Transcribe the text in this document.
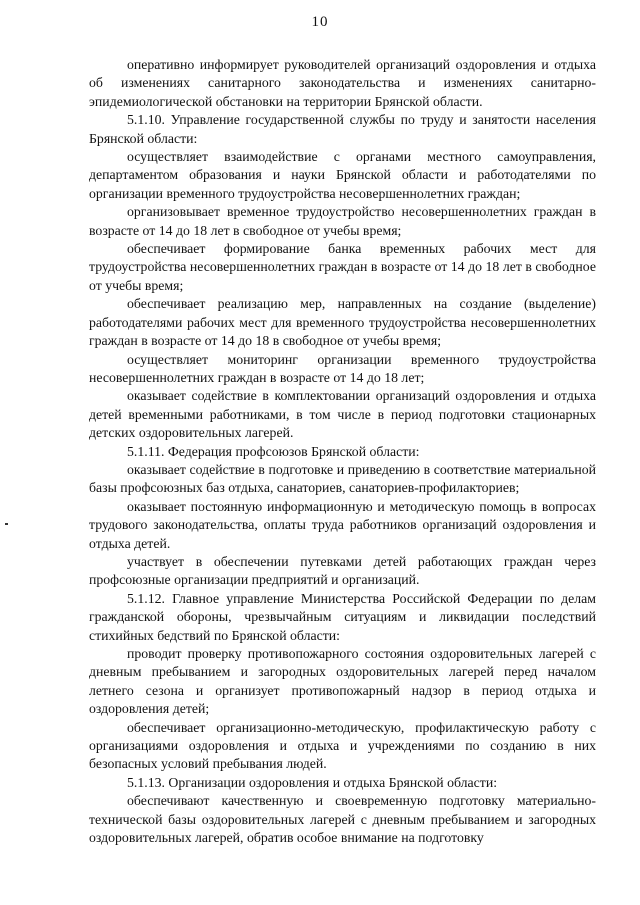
10

оперативно информирует руководителей организаций оздоровления и отдыха об изменениях санитарного законодательства и изменениях санитарно-эпидемиологической обстановки на территории Брянской области.

5.1.10. Управление государственной службы по труду и занятости населения Брянской области:

осуществляет взаимодействие с органами местного самоуправления, департаментом образования и науки Брянской области и работодателями по организации временного трудоустройства несовершеннолетних граждан;

организовывает временное трудоустройство несовершеннолетних граждан в возрасте от 14 до 18 лет в свободное от учебы время;

обеспечивает формирование банка временных рабочих мест для трудоустройства несовершеннолетних граждан в возрасте от 14 до 18 лет в свободное от учебы время;

обеспечивает реализацию мер, направленных на создание (выделение) работодателями рабочих мест для временного трудоустройства несовершеннолетних граждан в возрасте от 14 до 18 в свободное от учебы время;

осуществляет мониторинг организации временного трудоустройства несовершеннолетних граждан в возрасте от 14 до 18 лет;

оказывает содействие в комплектовании организаций оздоровления и отдыха детей временными работниками, в том числе в период подготовки стационарных детских оздоровительных лагерей.

5.1.11. Федерация профсоюзов Брянской области:

оказывает содействие в подготовке и приведению в соответствие материальной базы профсоюзных баз отдыха, санаториев, санаториев-профилакториев;

оказывает постоянную информационную и методическую помощь в вопросах трудового законодательства, оплаты труда работников организаций оздоровления и отдыха детей.

участвует в обеспечении путевками детей работающих граждан через профсоюзные организации предприятий и организаций.

5.1.12. Главное управление Министерства Российской Федерации по делам гражданской обороны, чрезвычайным ситуациям и ликвидации последствий стихийных бедствий по Брянской области:

проводит проверку противопожарного состояния оздоровительных лагерей с дневным пребыванием и загородных оздоровительных лагерей перед началом летнего сезона и организует противопожарный надзор в период отдыха и оздоровления детей;

обеспечивает организационно-методическую, профилактическую работу с организациями оздоровления и отдыха и учреждениями по созданию в них безопасных условий пребывания людей.

5.1.13. Организации оздоровления и отдыха Брянской области:

обеспечивают качественную и своевременную подготовку материально-технической базы оздоровительных лагерей с дневным пребыванием и загородных оздоровительных лагерей, обратив особое внимание на подготовку
